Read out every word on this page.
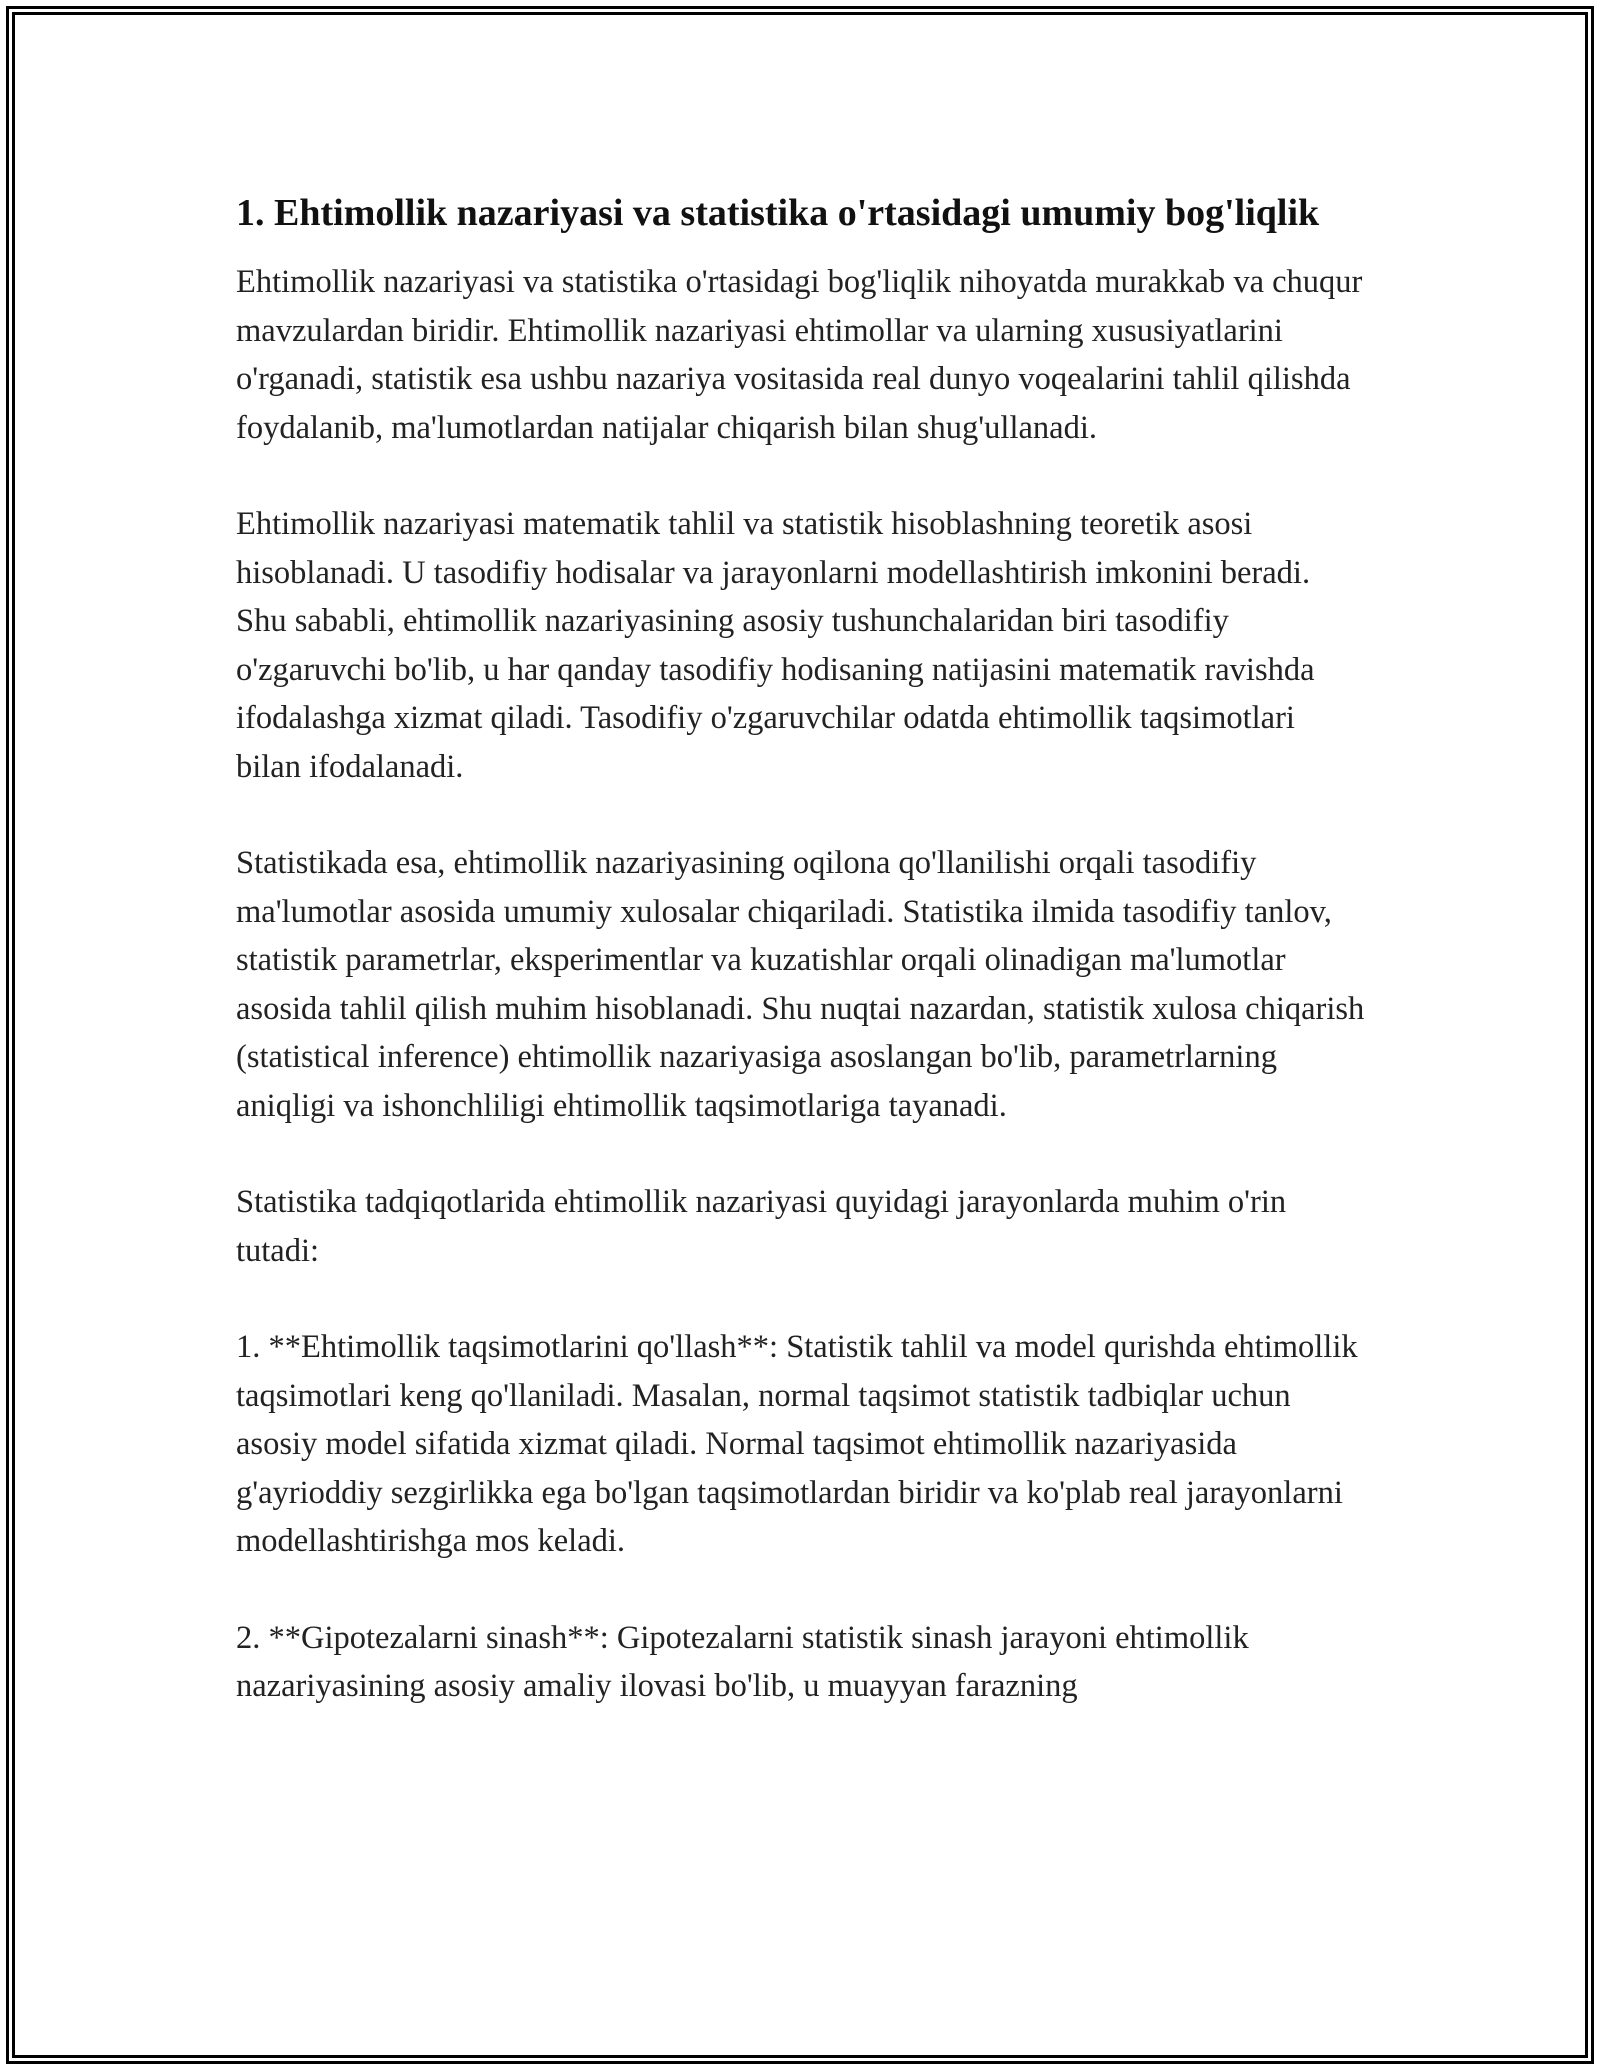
1. Ehtimollik nazariyasi va statistika o'rtasidagi umumiy bog'liqlik

Ehtimollik nazariyasi va statistika o'rtasidagi bog'liqlik nihoyatda murakkab va chuqur mavzulardan biridir. Ehtimollik nazariyasi ehtimollar va ularning xususiyatlarini o'rganadi, statistik esa ushbu nazariya vositasida real dunyo voqealarini tahlil qilishda foydalanib, ma'lumotlardan natijalar chiqarish bilan shug'ullanadi.

Ehtimollik nazariyasi matematik tahlil va statistik hisoblashning teoretik asosi hisoblanadi. U tasodifiy hodisalar va jarayonlarni modellashtirish imkonini beradi. Shu sababli, ehtimollik nazariyasining asosiy tushunchalaridan biri tasodifiy o'zgaruvchi bo'lib, u har qanday tasodifiy hodisaning natijasini matematik ravishda ifodalashga xizmat qiladi. Tasodifiy o'zgaruvchilar odatda ehtimollik taqsimotlari bilan ifodalanadi.

Statistikada esa, ehtimollik nazariyasining oqilona qo'llanilishi orqali tasodifiy ma'lumotlar asosida umumiy xulosalar chiqariladi. Statistika ilmida tasodifiy tanlov, statistik parametrlar, eksperimentlar va kuzatishlar orqali olinadigan ma'lumotlar asosida tahlil qilish muhim hisoblanadi. Shu nuqtai nazardan, statistik xulosa chiqarish (statistical inference) ehtimollik nazariyasiga asoslangan bo'lib, parametrlarning aniqligi va ishonchliligi ehtimollik taqsimotlariga tayanadi.

Statistika tadqiqotlarida ehtimollik nazariyasi quyidagi jarayonlarda muhim o'rin tutadi:

1. **Ehtimollik taqsimotlarini qo'llash**: Statistik tahlil va model qurishda ehtimollik taqsimotlari keng qo'llaniladi. Masalan, normal taqsimot statistik tadbiqlar uchun asosiy model sifatida xizmat qiladi. Normal taqsimot ehtimollik nazariyasida g'ayrioddiy sezgirlikka ega bo'lgan taqsimotlardan biridir va ko'plab real jarayonlarni modellashtirishga mos keladi.

2. **Gipotezalarni sinash**: Gipotezalarni statistik sinash jarayoni ehtimollik nazariyasining asosiy amaliy ilovasi bo'lib, u muayyan farazning
